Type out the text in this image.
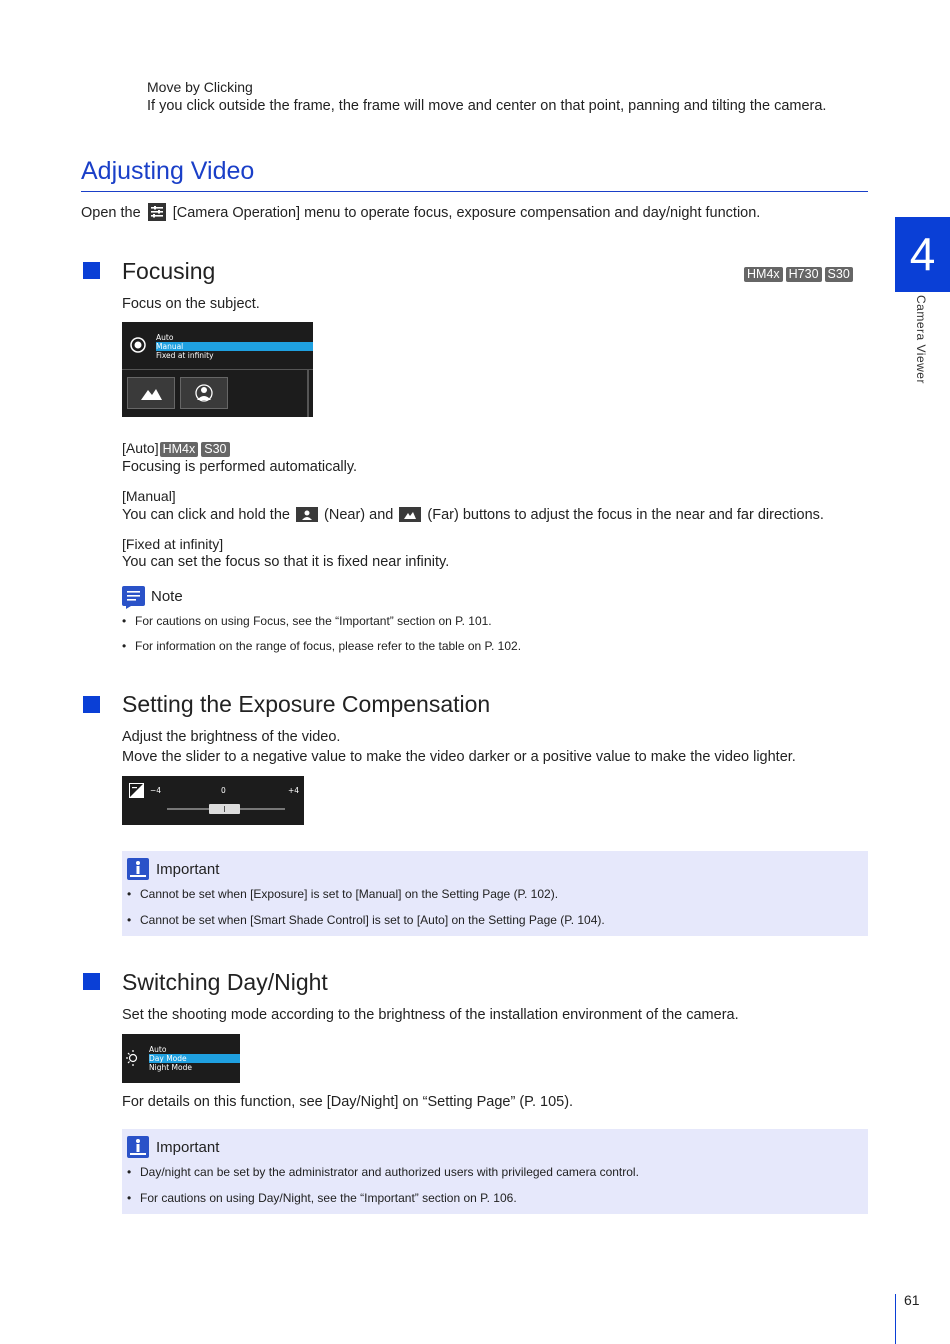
Move by Clicking
If you click outside the frame, the frame will move and center on that point, panning and tilting the camera.
Adjusting Video
Open the [Camera Operation] menu to operate focus, exposure compensation and day/night function.
Focusing	HM4x H730 S30
Focus on the subject.
Auto
Manual
Fixed at infinity
[Auto] HM4x S30
Focusing is performed automatically.
[Manual]
You can click and hold the (Near) and (Far) buttons to adjust the focus in the near and far directions.
[Fixed at infinity]
You can set the focus so that it is fixed near infinity.
Note
• For cautions on using Focus, see the “Important” section on P. 101.
• For information on the range of focus, please refer to the table on P. 102.
Setting the Exposure Compensation
Adjust the brightness of the video.
Move the slider to a negative value to make the video darker or a positive value to make the video lighter.
−4	0	+4
Important
• Cannot be set when [Exposure] is set to [Manual] on the Setting Page (P. 102).
• Cannot be set when [Smart Shade Control] is set to [Auto] on the Setting Page (P. 104).
Switching Day/Night
Set the shooting mode according to the brightness of the installation environment of the camera.
Auto
Day Mode
Night Mode
For details on this function, see [Day/Night] on “Setting Page” (P. 105).
Important
• Day/night can be set by the administrator and authorized users with privileged camera control.
• For cautions on using Day/Night, see the “Important” section on P. 106.
4
Camera Viewer
61
